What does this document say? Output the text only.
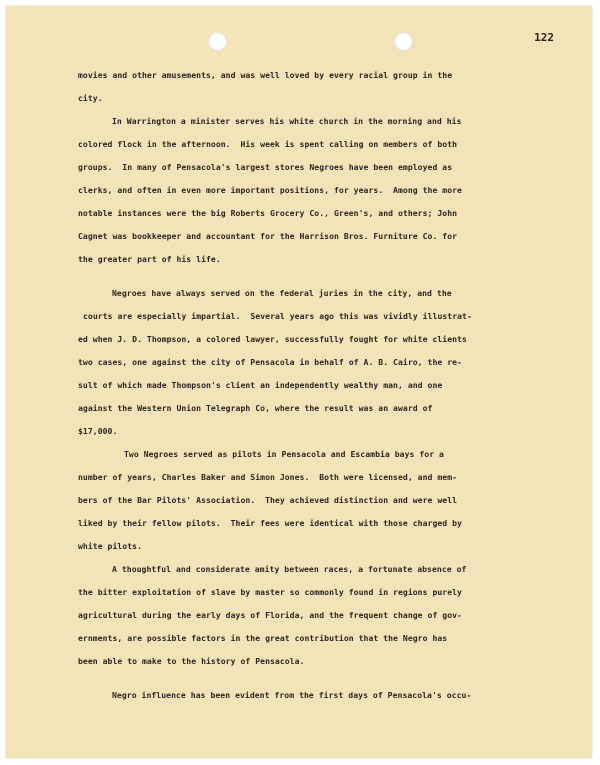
122
movies and other amusements, and was well loved by every racial group in the
city.
In Warrington a minister serves his white church in the morning and his
colored flock in the afternoon.  His week is spent calling on members of both
groups.  In many of Pensacola's largest stores Negroes have been employed as
clerks, and often in even more important positions, for years.  Among the more
notable instances were the big Roberts Grocery Co., Green's, and others; John
Cagnet was bookkeeper and accountant for the Harrison Bros. Furniture Co. for
the greater part of his life.
Negroes have always served on the federal juries in the city, and the
courts are especially impartial.  Several years ago this was vividly illustrat-
ed when J. D. Thompson, a colored lawyer, successfully fought for white clients
two cases, one against the city of Pensacola in behalf of A. B. Cairo, the re-
sult of which made Thompson's client an independently wealthy man, and one
against the Western Union Telegraph Co, where the result was an award of
$17,000.
Two Negroes served as pilots in Pensacola and Escambia bays for a
number of years, Charles Baker and Simon Jones.  Both were licensed, and mem-
bers of the Bar Pilots' Association.  They achieved distinction and were well
liked by their fellow pilots.  Their fees were identical with those charged by
white pilots.
A thoughtful and considerate amity between races, a fortunate absence of
the bitter exploitation of slave by master so commonly found in regions purely
agricultural during the early days of Florida, and the frequent change of gov-
ernments, are possible factors in the great contribution that the Negro has
been able to make to the history of Pensacola.
Negro influence has been evident from the first days of Pensacola's occu-
